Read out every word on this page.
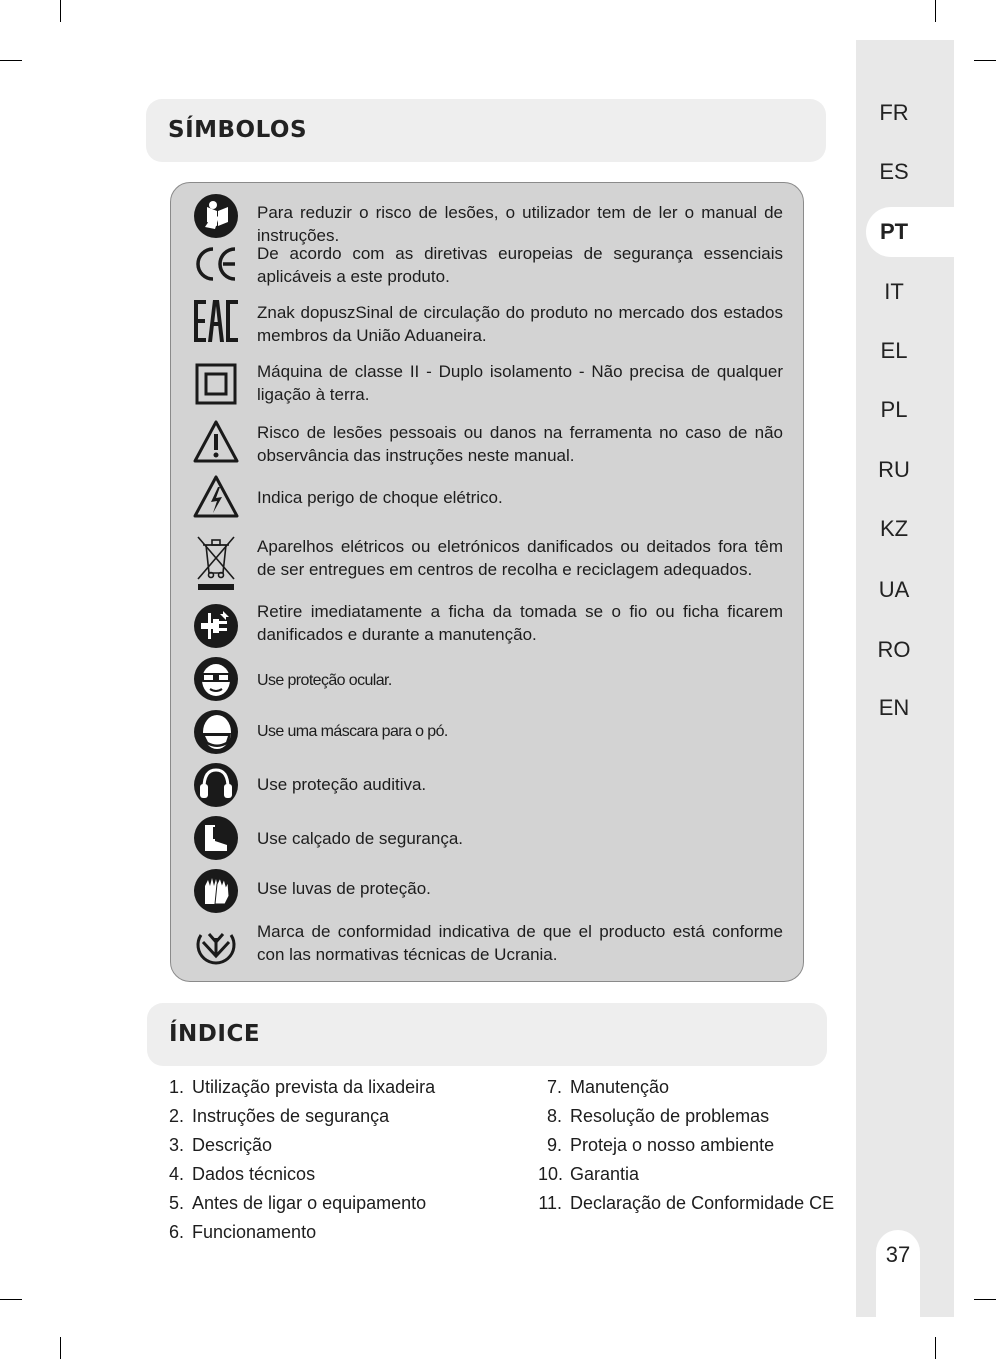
FR
ES
PT
IT
EL
PL
RU
KZ
UA
RO
EN
37
SÍMBOLOS
Para reduzir o risco de lesões, o utilizador tem de ler o manual de instruções.
De acordo com as diretivas europeias de segurança essenciais aplicáveis a este produto.
Znak dopuszSinal de circulação do produto no mercado dos estados membros da União Aduaneira.
Máquina de classe II - Duplo isolamento - Não precisa de qualquer ligação à terra.
Risco de lesões pessoais ou danos na ferramenta no caso de não observância das instruções neste manual.
Indica perigo de choque elétrico.
Aparelhos elétricos ou eletrónicos danificados ou deitados fora têm de ser entregues em centros de recolha e reciclagem adequados.
Retire imediatamente a ficha da tomada se o fio ou ficha ficarem danificados e durante a manutenção.
Use proteção ocular.
Use uma máscara para o pó.
Use proteção auditiva.
Use calçado de segurança.
Use luvas de proteção.
Marca de conformidad indicativa de que el producto está conforme con las normativas técnicas de Ucrania.
ÍNDICE
1. Utilização prevista da lixadeira
2. Instruções de segurança
3. Descrição
4. Dados técnicos
5. Antes de ligar o equipamento
6. Funcionamento
7. Manutenção
8. Resolução de problemas
9. Proteja o nosso ambiente
10. Garantia
11. Declaração de Conformidade CE
